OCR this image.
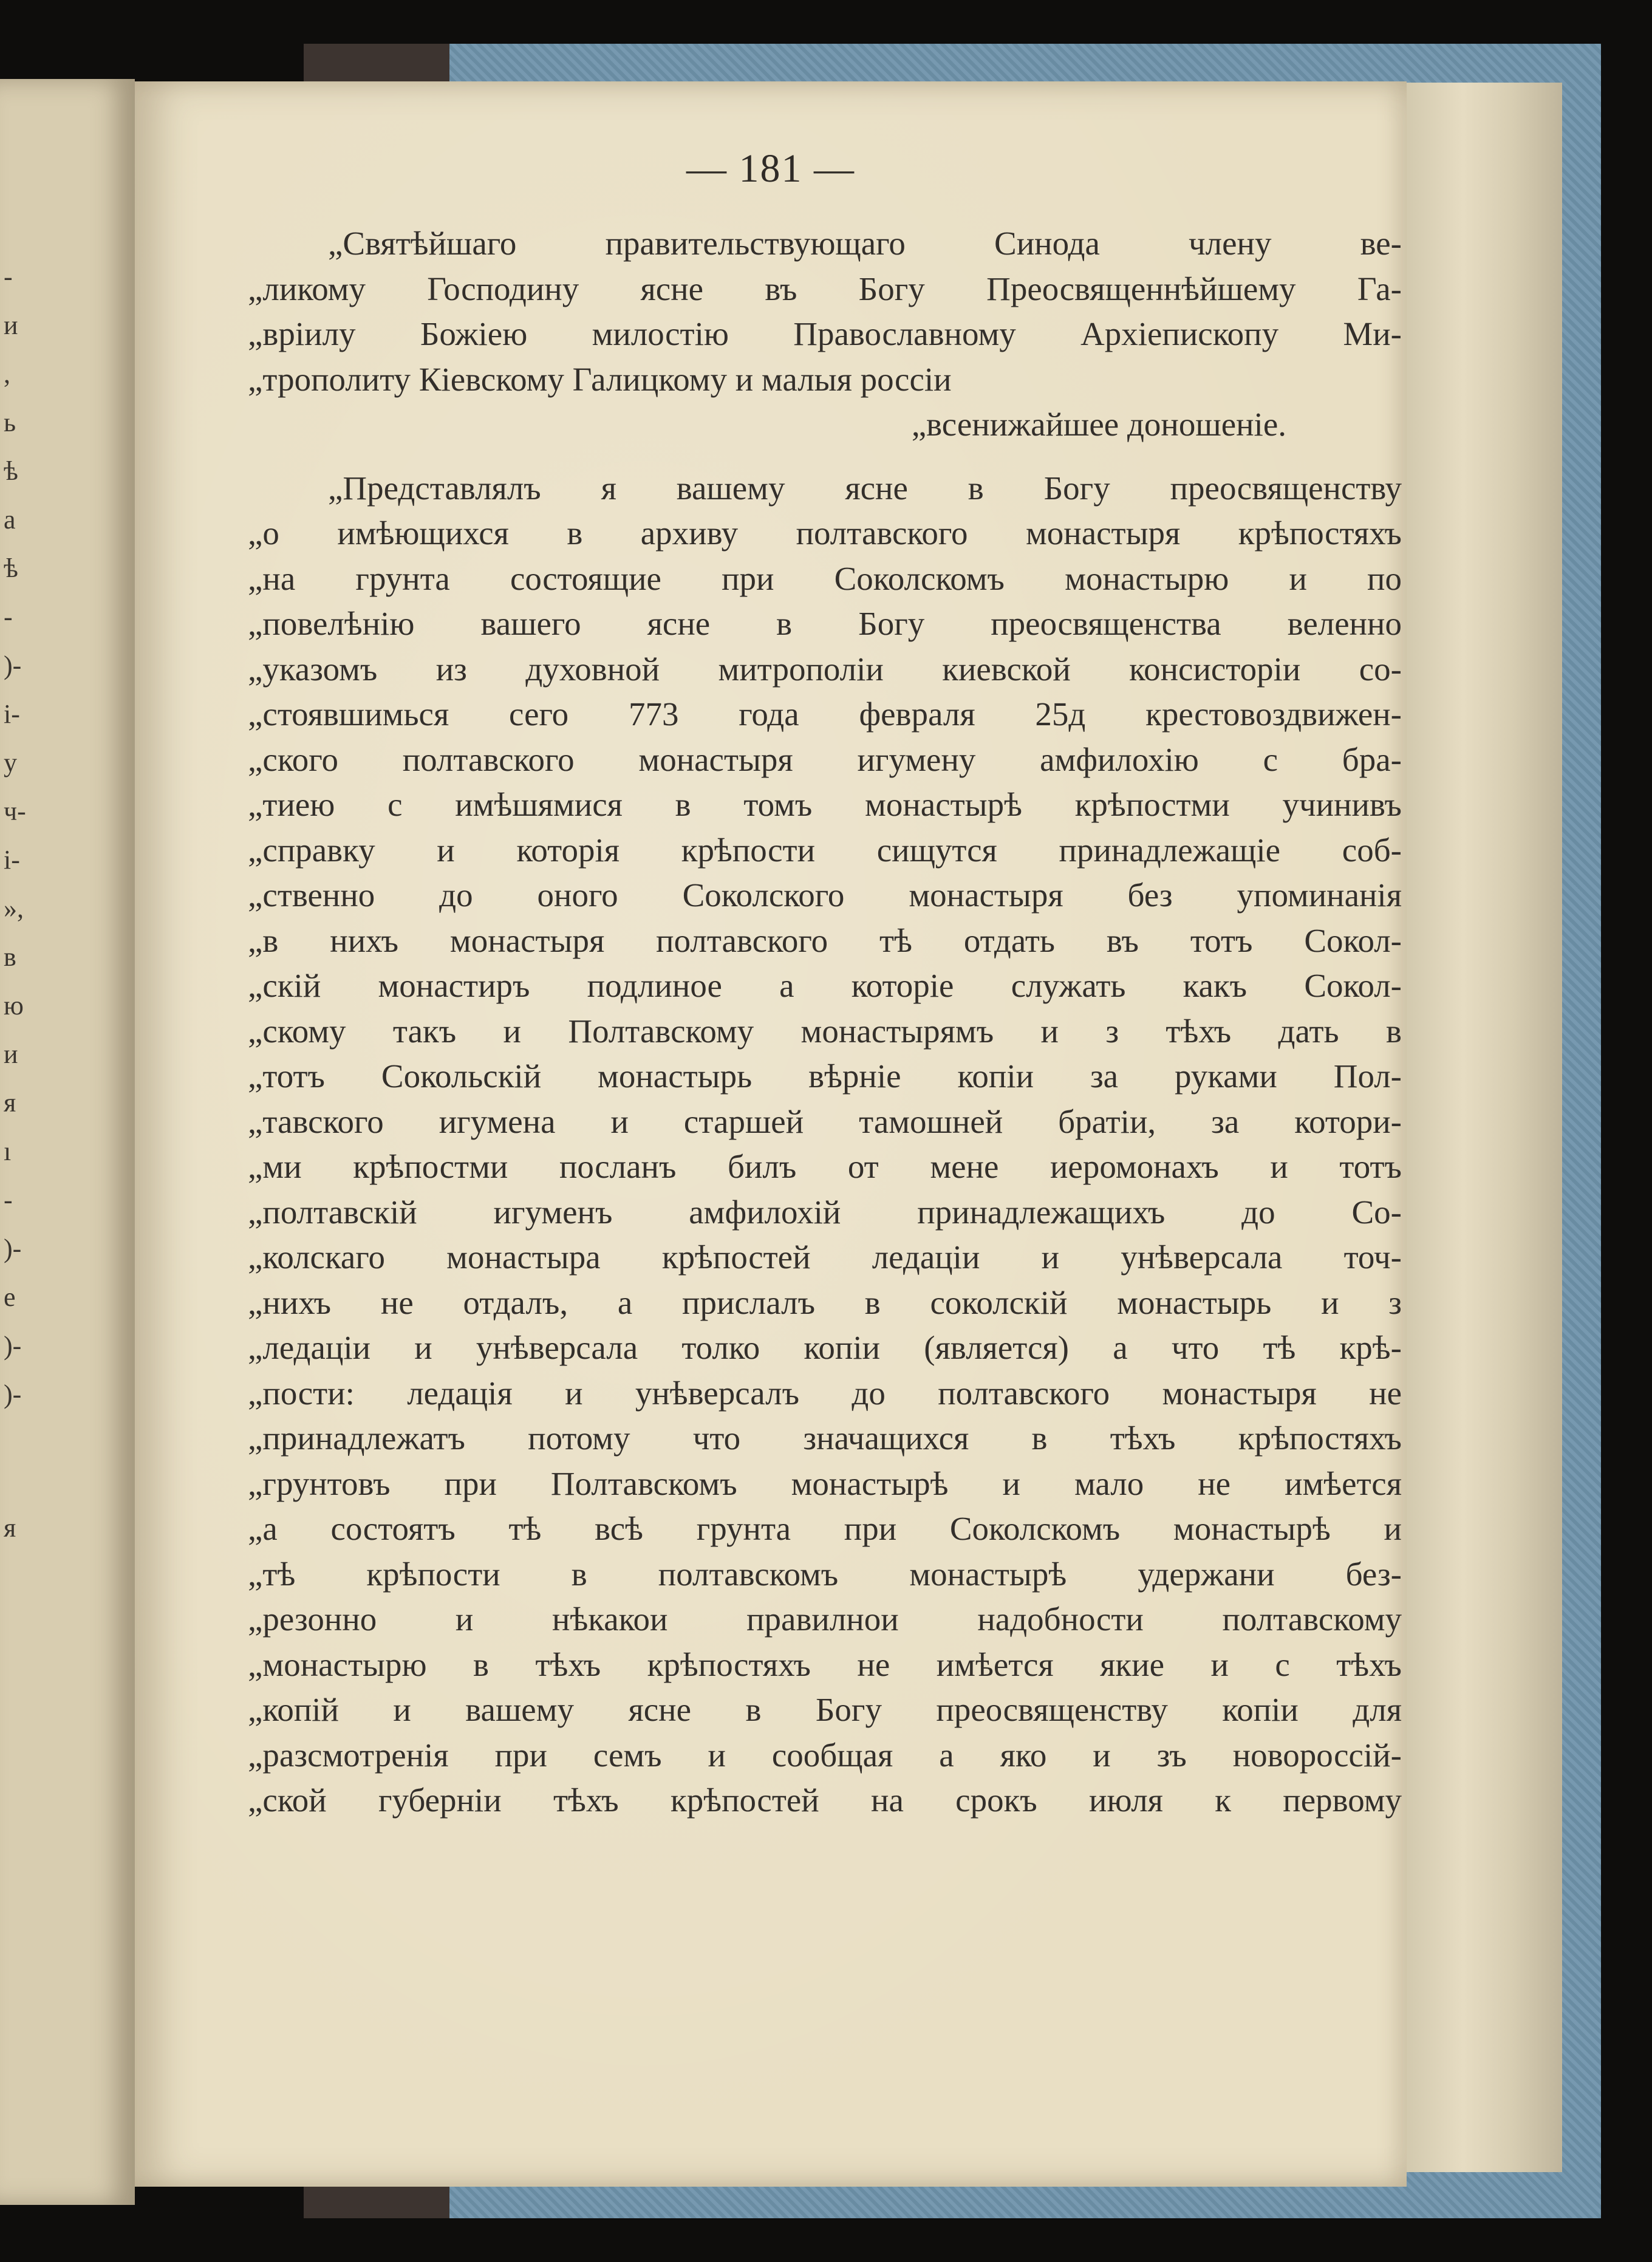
-
и
,
ь
ѣ
а
ѣ
-
)-
і-
у
ч-
і-
»,
в
ю
и
я
ı
-
)-
е
)-
)-
я
— 181 —
„Святѣйшаго правительствующаго Синода члену ве-
„ликому Господину ясне въ Богу Преосвященнѣйшему Га-
„вріилу Божіею милостію Православному Архіепископу Ми-
„трополиту Кіевскому Галицкому и малыя россіи
„всенижайшее доношеніе.
„Представлялъ я вашему ясне в Богу преосвященству
„о имѣющихся в архиву полтавского монастыря крѣпостяхъ
„на грунта состоящие при Соколскомъ монастырю и по
„повелѣнію вашего ясне в Богу преосвященства веленно
„указомъ из духовной митрополіи киевской консисторіи со-
„стоявшимься сего 773 года февраля 25д крестовоздвижен-
„ского полтавского монастыря игумену амфилохію с бра-
„тиею с имѣшямися в томъ монастырѣ крѣпостми учинивъ
„справку и которія крѣпости сищутся принадлежащіе соб-
„ственно до оного Соколского монастыря без упоминанія
„в нихъ монастыря полтавского тѣ отдать въ тотъ Сокол-
„скій монастиръ подлиное а которіе служать какъ Сокол-
„скому такъ и Полтавскому монастырямъ и з тѣхъ дать в
„тотъ Сокольскій монастырь вѣрніе копіи за руками Пол-
„тавского игумена и старшей тамошней братіи, за котори-
„ми крѣпостми посланъ билъ от мене иеромонахъ и тотъ
„полтавскій игуменъ амфилохій принадлежащихъ до Со-
„колскаго монастыра крѣпостей ледаціи и унѣверсала точ-
„нихъ не отдалъ, а прислалъ в соколскій монастырь и з
„ледаціи и унѣверсала толко копіи (является) а что тѣ крѣ-
„пости: ледація и унѣверсалъ до полтавского монастыря не
„принадлежатъ потому что значащихся в тѣхъ крѣпостяхъ
„грунтовъ при Полтавскомъ монастырѣ и мало не имѣется
„а состоятъ тѣ всѣ грунта при Соколскомъ монастырѣ и
„тѣ крѣпости в полтавскомъ монастырѣ удержани без-
„резонно и нѣкакои правилнои надобности полтавскому
„монастырю в тѣхъ крѣпостяхъ не имѣется якие и с тѣхъ
„копій и вашему ясне в Богу преосвященству копіи для
„разсмотренія при семъ и сообщая а яко и зъ новороссій-
„ской губерніи тѣхъ крѣпостей на срокъ июля к первому
